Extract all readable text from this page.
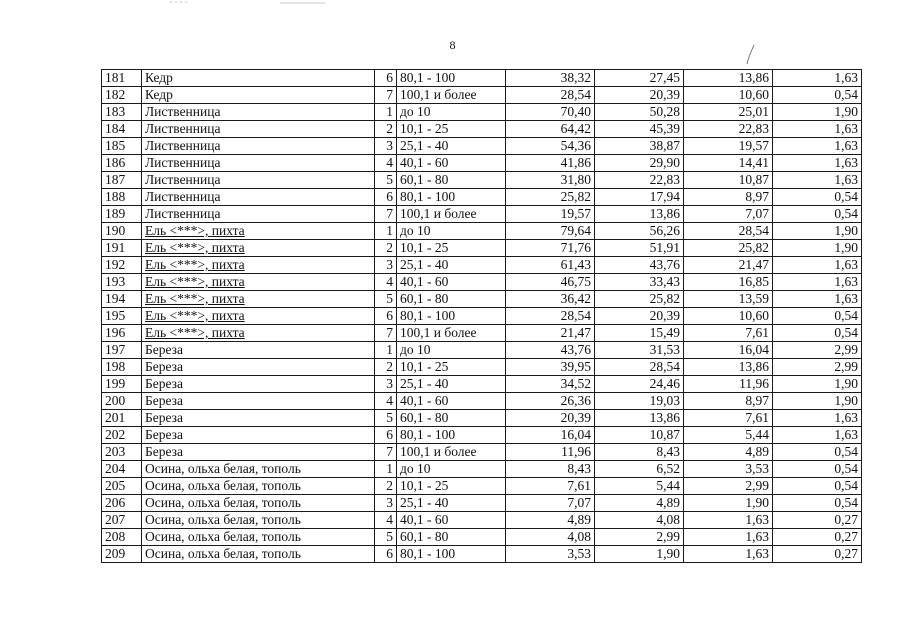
8
181	Кедр	6	80,1 - 100	38,32	27,45	13,86	1,63
182	Кедр	7	100,1 и более	28,54	20,39	10,60	0,54
183	Лиственница	1	до 10	70,40	50,28	25,01	1,90
184	Лиственница	2	10,1 - 25	64,42	45,39	22,83	1,63
185	Лиственница	3	25,1 - 40	54,36	38,87	19,57	1,63
186	Лиственница	4	40,1 - 60	41,86	29,90	14,41	1,63
187	Лиственница	5	60,1 - 80	31,80	22,83	10,87	1,63
188	Лиственница	6	80,1 - 100	25,82	17,94	8,97	0,54
189	Лиственница	7	100,1 и более	19,57	13,86	7,07	0,54
190	Ель <***>, пихта	1	до 10	79,64	56,26	28,54	1,90
191	Ель <***>, пихта	2	10,1 - 25	71,76	51,91	25,82	1,90
192	Ель <***>, пихта	3	25,1 - 40	61,43	43,76	21,47	1,63
193	Ель <***>, пихта	4	40,1 - 60	46,75	33,43	16,85	1,63
194	Ель <***>, пихта	5	60,1 - 80	36,42	25,82	13,59	1,63
195	Ель <***>, пихта	6	80,1 - 100	28,54	20,39	10,60	0,54
196	Ель <***>, пихта	7	100,1 и более	21,47	15,49	7,61	0,54
197	Береза	1	до 10	43,76	31,53	16,04	2,99
198	Береза	2	10,1 - 25	39,95	28,54	13,86	2,99
199	Береза	3	25,1 - 40	34,52	24,46	11,96	1,90
200	Береза	4	40,1 - 60	26,36	19,03	8,97	1,90
201	Береза	5	60,1 - 80	20,39	13,86	7,61	1,63
202	Береза	6	80,1 - 100	16,04	10,87	5,44	1,63
203	Береза	7	100,1 и более	11,96	8,43	4,89	0,54
204	Осина, ольха белая, тополь	1	до 10	8,43	6,52	3,53	0,54
205	Осина, ольха белая, тополь	2	10,1 - 25	7,61	5,44	2,99	0,54
206	Осина, ольха белая, тополь	3	25,1 - 40	7,07	4,89	1,90	0,54
207	Осина, ольха белая, тополь	4	40,1 - 60	4,89	4,08	1,63	0,27
208	Осина, ольха белая, тополь	5	60,1 - 80	4,08	2,99	1,63	0,27
209	Осина, ольха белая, тополь	6	80,1 - 100	3,53	1,90	1,63	0,27
